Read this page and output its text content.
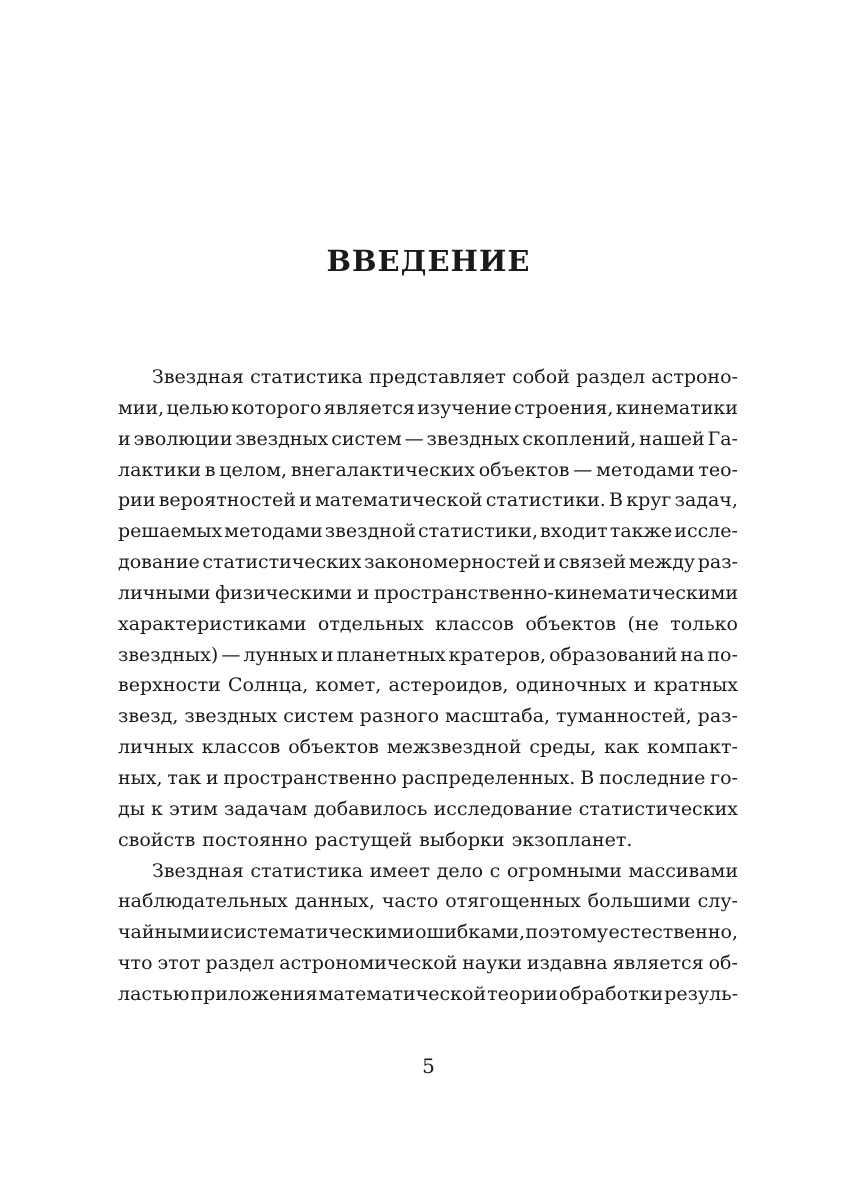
ВВЕДЕНИЕ
Звездная статистика представляет собой раздел астроно-
мии, целью которого является изучение строения, кинематики
и эволюции звездных систем — звездных скоплений, нашей Га-
лактики в целом, внегалактических объектов — методами тео-
рии вероятностей и математической статистики. В круг задач,
решаемых методами звездной статистики, входит также иссле-
дование статистических закономерностей и связей между раз-
личными физическими и пространственно-кинематическими
характеристиками отдельных классов объектов (не только
звездных) — лунных и планетных кратеров, образований на по-
верхности Солнца, комет, астероидов, одиночных и кратных
звезд, звездных систем разного масштаба, туманностей, раз-
личных классов объектов межзвездной среды, как компакт-
ных, так и пространственно распределенных. В последние го-
ды к этим задачам добавилось исследование статистических
свойств постоянно растущей выборки экзопланет.
Звездная статистика имеет дело с огромными массивами
наблюдательных данных, часто отягощенных большими слу-
чайными и систематическими ошибками, поэтому естественно,
что этот раздел астрономической науки издавна является об-
ластью приложения математической теории обработки резуль-
5
